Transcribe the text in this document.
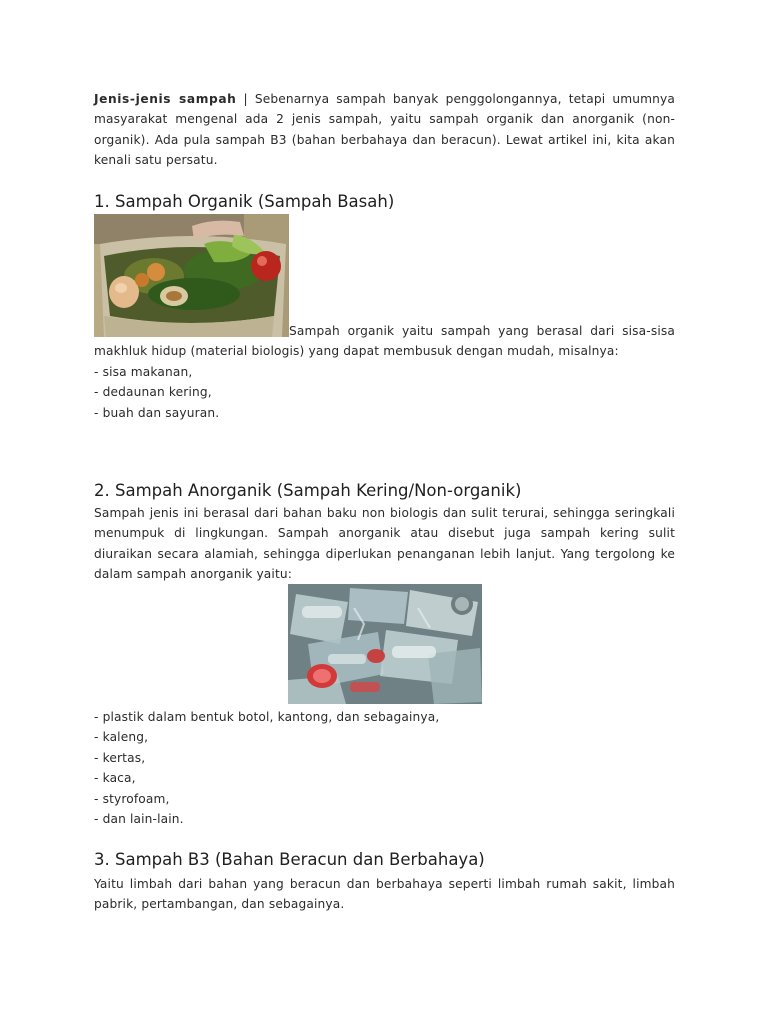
Jenis-jenis sampah | Sebenarnya sampah banyak penggolongannya, tetapi umumnya masyarakat mengenal ada 2 jenis sampah, yaitu sampah organik dan anorganik (non-organik). Ada pula sampah B3 (bahan berbahaya dan beracun). Lewat artikel ini, kita akan kenali satu persatu.

1. Sampah Organik (Sampah Basah)

Sampah organik yaitu sampah yang berasal dari sisa-sisa makhluk hidup (material biologis) yang dapat membusuk dengan mudah, misalnya:

- sisa makanan,
- dedaunan kering,
- buah dan sayuran.
2. Sampah Anorganik (Sampah Kering/Non-organik)

Sampah jenis ini berasal dari bahan baku non biologis dan sulit terurai, sehingga seringkali menumpuk di lingkungan. Sampah anorganik atau disebut juga sampah kering sulit diuraikan secara alamiah, sehingga diperlukan penanganan lebih lanjut. Yang tergolong ke dalam sampah anorganik yaitu:

- plastik dalam bentuk botol, kantong, dan sebagainya,
- kaleng,
- kertas,
- kaca,
- styrofoam,
- dan lain-lain.
3. Sampah B3 (Bahan Beracun dan Berbahaya)

Yaitu limbah dari bahan yang beracun dan berbahaya seperti limbah rumah sakit, limbah pabrik, pertambangan, dan sebagainya.
